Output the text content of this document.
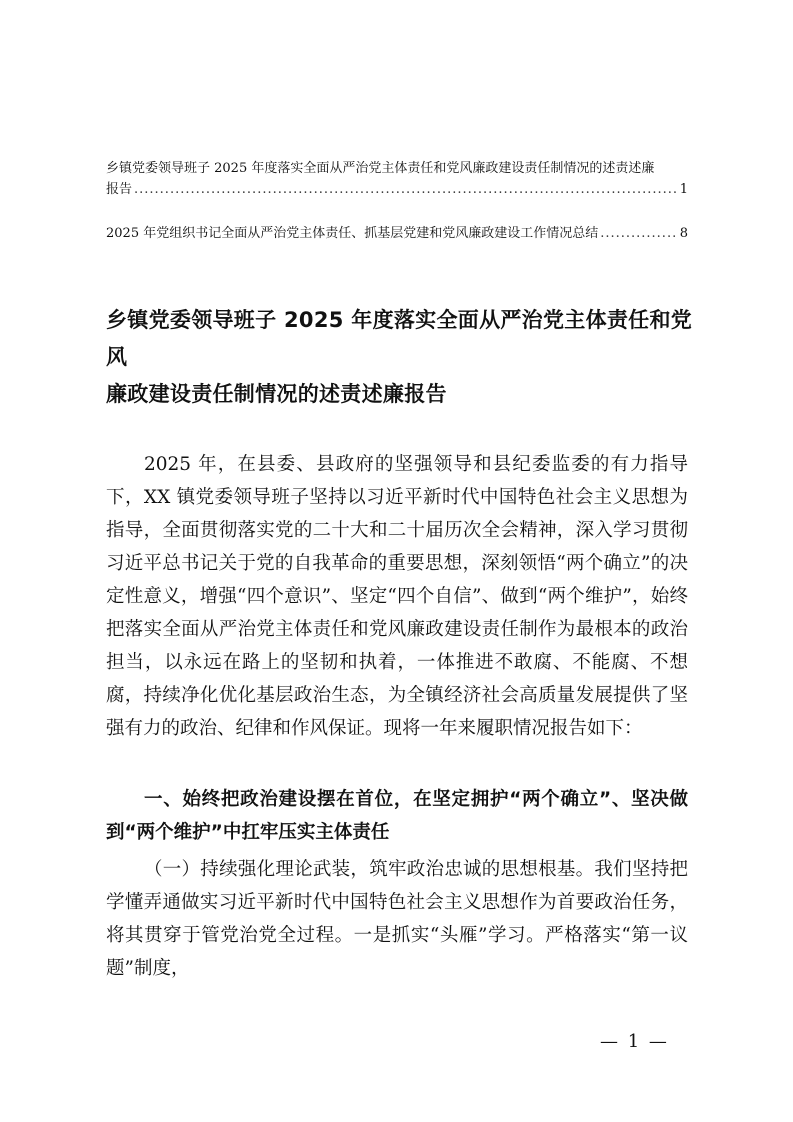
乡镇党委领导班子 2025 年度落实全面从严治党主体责任和党风廉政建设责任制情况的述责述廉
报告 .....	1
2025 年党组织书记全面从严治党主体责任、抓基层党建和党风廉政建设工作情况总结 .....	8
乡镇党委领导班子 2025 年度落实全面从严治党主体责任和党风
廉政建设责任制情况的述责述廉报告

2025 年，在县委、县政府的坚强领导和县纪委监委的有力指导下，XX 镇党委领导班子坚持以习近平新时代中国特色社会主义思想为指导，全面贯彻落实党的二十大和二十届历次全会精神，深入学习贯彻习近平总书记关于党的自我革命的重要思想，深刻领悟“两个确立”的决定性意义，增强“四个意识”、坚定“四个自信”、做到“两个维护”，始终把落实全面从严治党主体责任和党风廉政建设责任制作为最根本的政治担当，以永远在路上的坚韧和执着，一体推进不敢腐、不能腐、不想腐，持续净化优化基层政治生态，为全镇经济社会高质量发展提供了坚强有力的政治、纪律和作风保证。现将一年来履职情况报告如下：

一、始终把政治建设摆在首位，在坚定拥护“两个确立”、坚决做到“两个维护”中扛牢压实主体责任

（一）持续强化理论武装，筑牢政治忠诚的思想根基。我们坚持把学懂弄通做实习近平新时代中国特色社会主义思想作为首要政治任务，将其贯穿于管党治党全过程。一是抓实“头雁”学习。严格落实“第一议题”制度，

— 1 —
